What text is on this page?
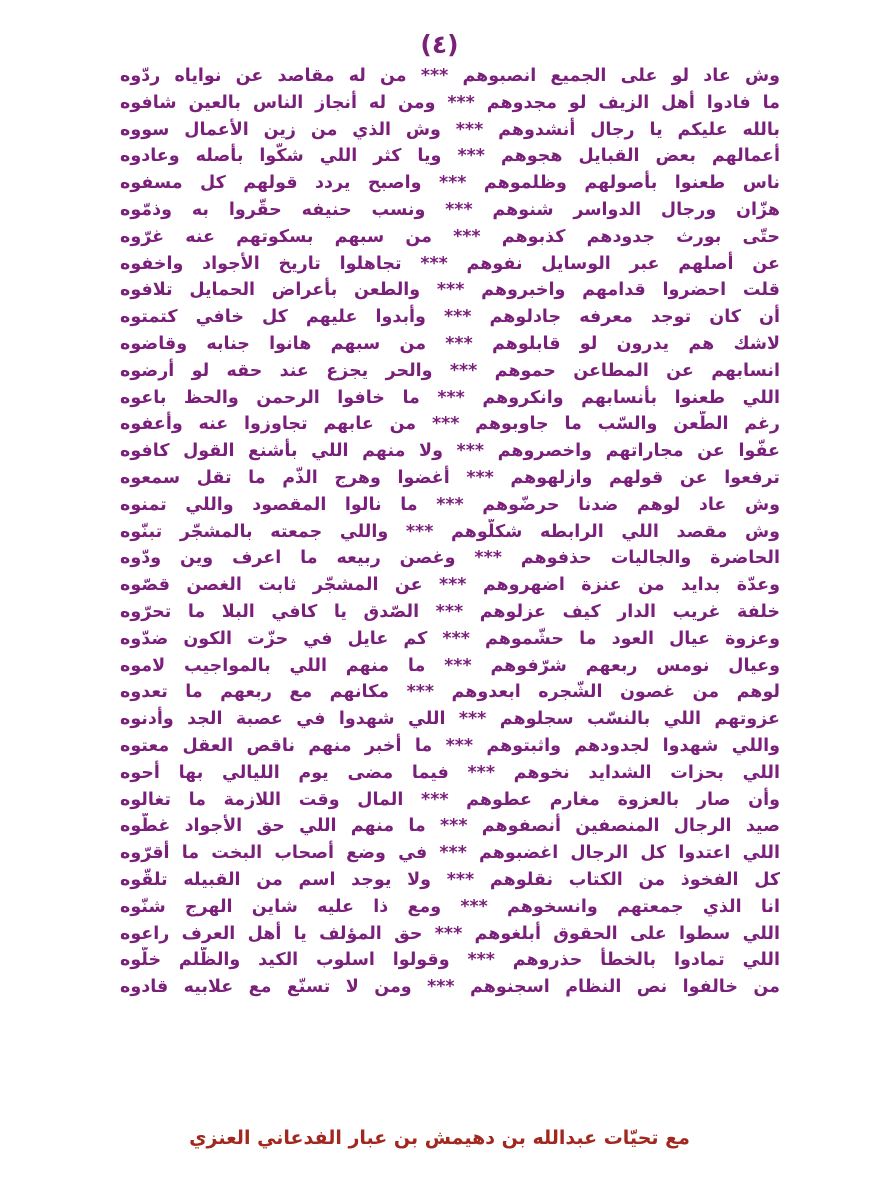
(٤)
وش عاد لو على الجميع انصبوهم *** من له مقاصد عن نواياه ردّوه
ما فادوا أهل الزيف لو مجدوهم *** ومن له أنجاز الناس بالعين شافوه
بالله عليكم يا رجال أنشدوهم *** وش الذي من زين الأعمال سووه
أعمالهم بعض القبايل هجوهم *** ويا كثر اللي شكّوا بأصله وعادوه
ناس طعنوا بأصولهم وظلموهم *** واصبح يردد قولهم كل مسفوه
هزّان ورجال الدواسر شنوهم *** ونسب حنيفه حقّروا به وذمّوه
حتّى بورث جدودهم كذبوهم *** من سبهم بسكوتهم عنه غرّوه
عن أصلهم عبر الوسايل نفوهم *** تجاهلوا تاريخ الأجواد واخفوه
قلت احضروا قدامهم واخبروهم *** والطعن بأعراض الحمايل تلافوه
أن كان توجد معرفه جادلوهم *** وأبدوا عليهم كل خافي كتمتوه
لاشك هم يدرون لو قابلوهم *** من سبهم هانوا جنابه وقاضوه
انسابهم عن المطاعن حموهم *** والحر يجزع عند حقه لو أرضوه
اللي طعنوا بأنسابهم وانكروهم *** ما خافوا الرحمن والحظ باعوه
رغم الطّعن والسّب ما جاوبوهم *** من عابهم تجاوزوا عنه وأعفوه
عفّوا عن مجاراتهم واخصروهم *** ولا منهم اللي بأشنع القول كافوه
ترفعوا عن قولهم وازلهوهم *** أغضوا وهرج الذّم ما تقل سمعوه
وش عاد لوهم ضدنا حرضّوهم *** ما نالوا المقصود واللي تمنوه
وش مقصد اللي الرابطه شكلّوهم *** واللي جمعته بالمشجّر تبنّوه
الحاضرة والجاليات حذفوهم *** وغصن ربيعه ما اعرف وين ودّوه
وعدّة بدايد من عنزة اضهروهم *** عن المشجّر ثابت الغصن قصّوه
خلفة غريب الدار كيف عزلوهم *** الصّدق يا كافي البلا ما تحرّوه
وعزوة عيال العود ما حشّموهم *** كم عايل في حزّت الكون ضدّوه
وعيال نومس ربعهم شرّفوهم *** ما منهم اللي بالمواجيب لاموه
لوهم من غصون الشّجره ابعدوهم *** مكانهم مع ربعهم ما تعدوه
عزوتهم اللي بالنسّب سجلوهم *** اللي شهدوا في عصبة الجد وأدنوه
واللي شهدوا لجدودهم واثبتوهم *** ما أخبر منهم ناقص العقل معتوه
اللي بحزات الشدايد نخوهم *** فيما مضى يوم الليالي بها أحوه
وأن صار بالعزوة مغارم عطوهم *** المال وقت اللازمة ما تغالوه
صيد الرجال المنصفين أنصفوهم *** ما منهم اللي حق الأجواد غطّوه
اللي اعتدوا كل الرجال اغضبوهم *** في وضع أصحاب البخت ما أقرّوه
كل الفخوذ من الكتاب نقلوهم *** ولا يوجد اسم من القبيله تلقّوه
انا الذي جمعتهم وانسخوهم *** ومع ذا عليه شاين الهرج شنّوه
اللي سطوا على الحقوق أبلغوهم *** حق المؤلف يا أهل العرف راعوه
اللي تمادوا بالخطأ حذروهم *** وقولوا اسلوب الكيد والظّلم خلّوه
من خالفوا نص النظام اسجنوهم *** ومن لا تسنّع مع علابيه قادوه
مع تحيّات عبدالله بن دهيمش بن عبار الفدعاني العنزي
